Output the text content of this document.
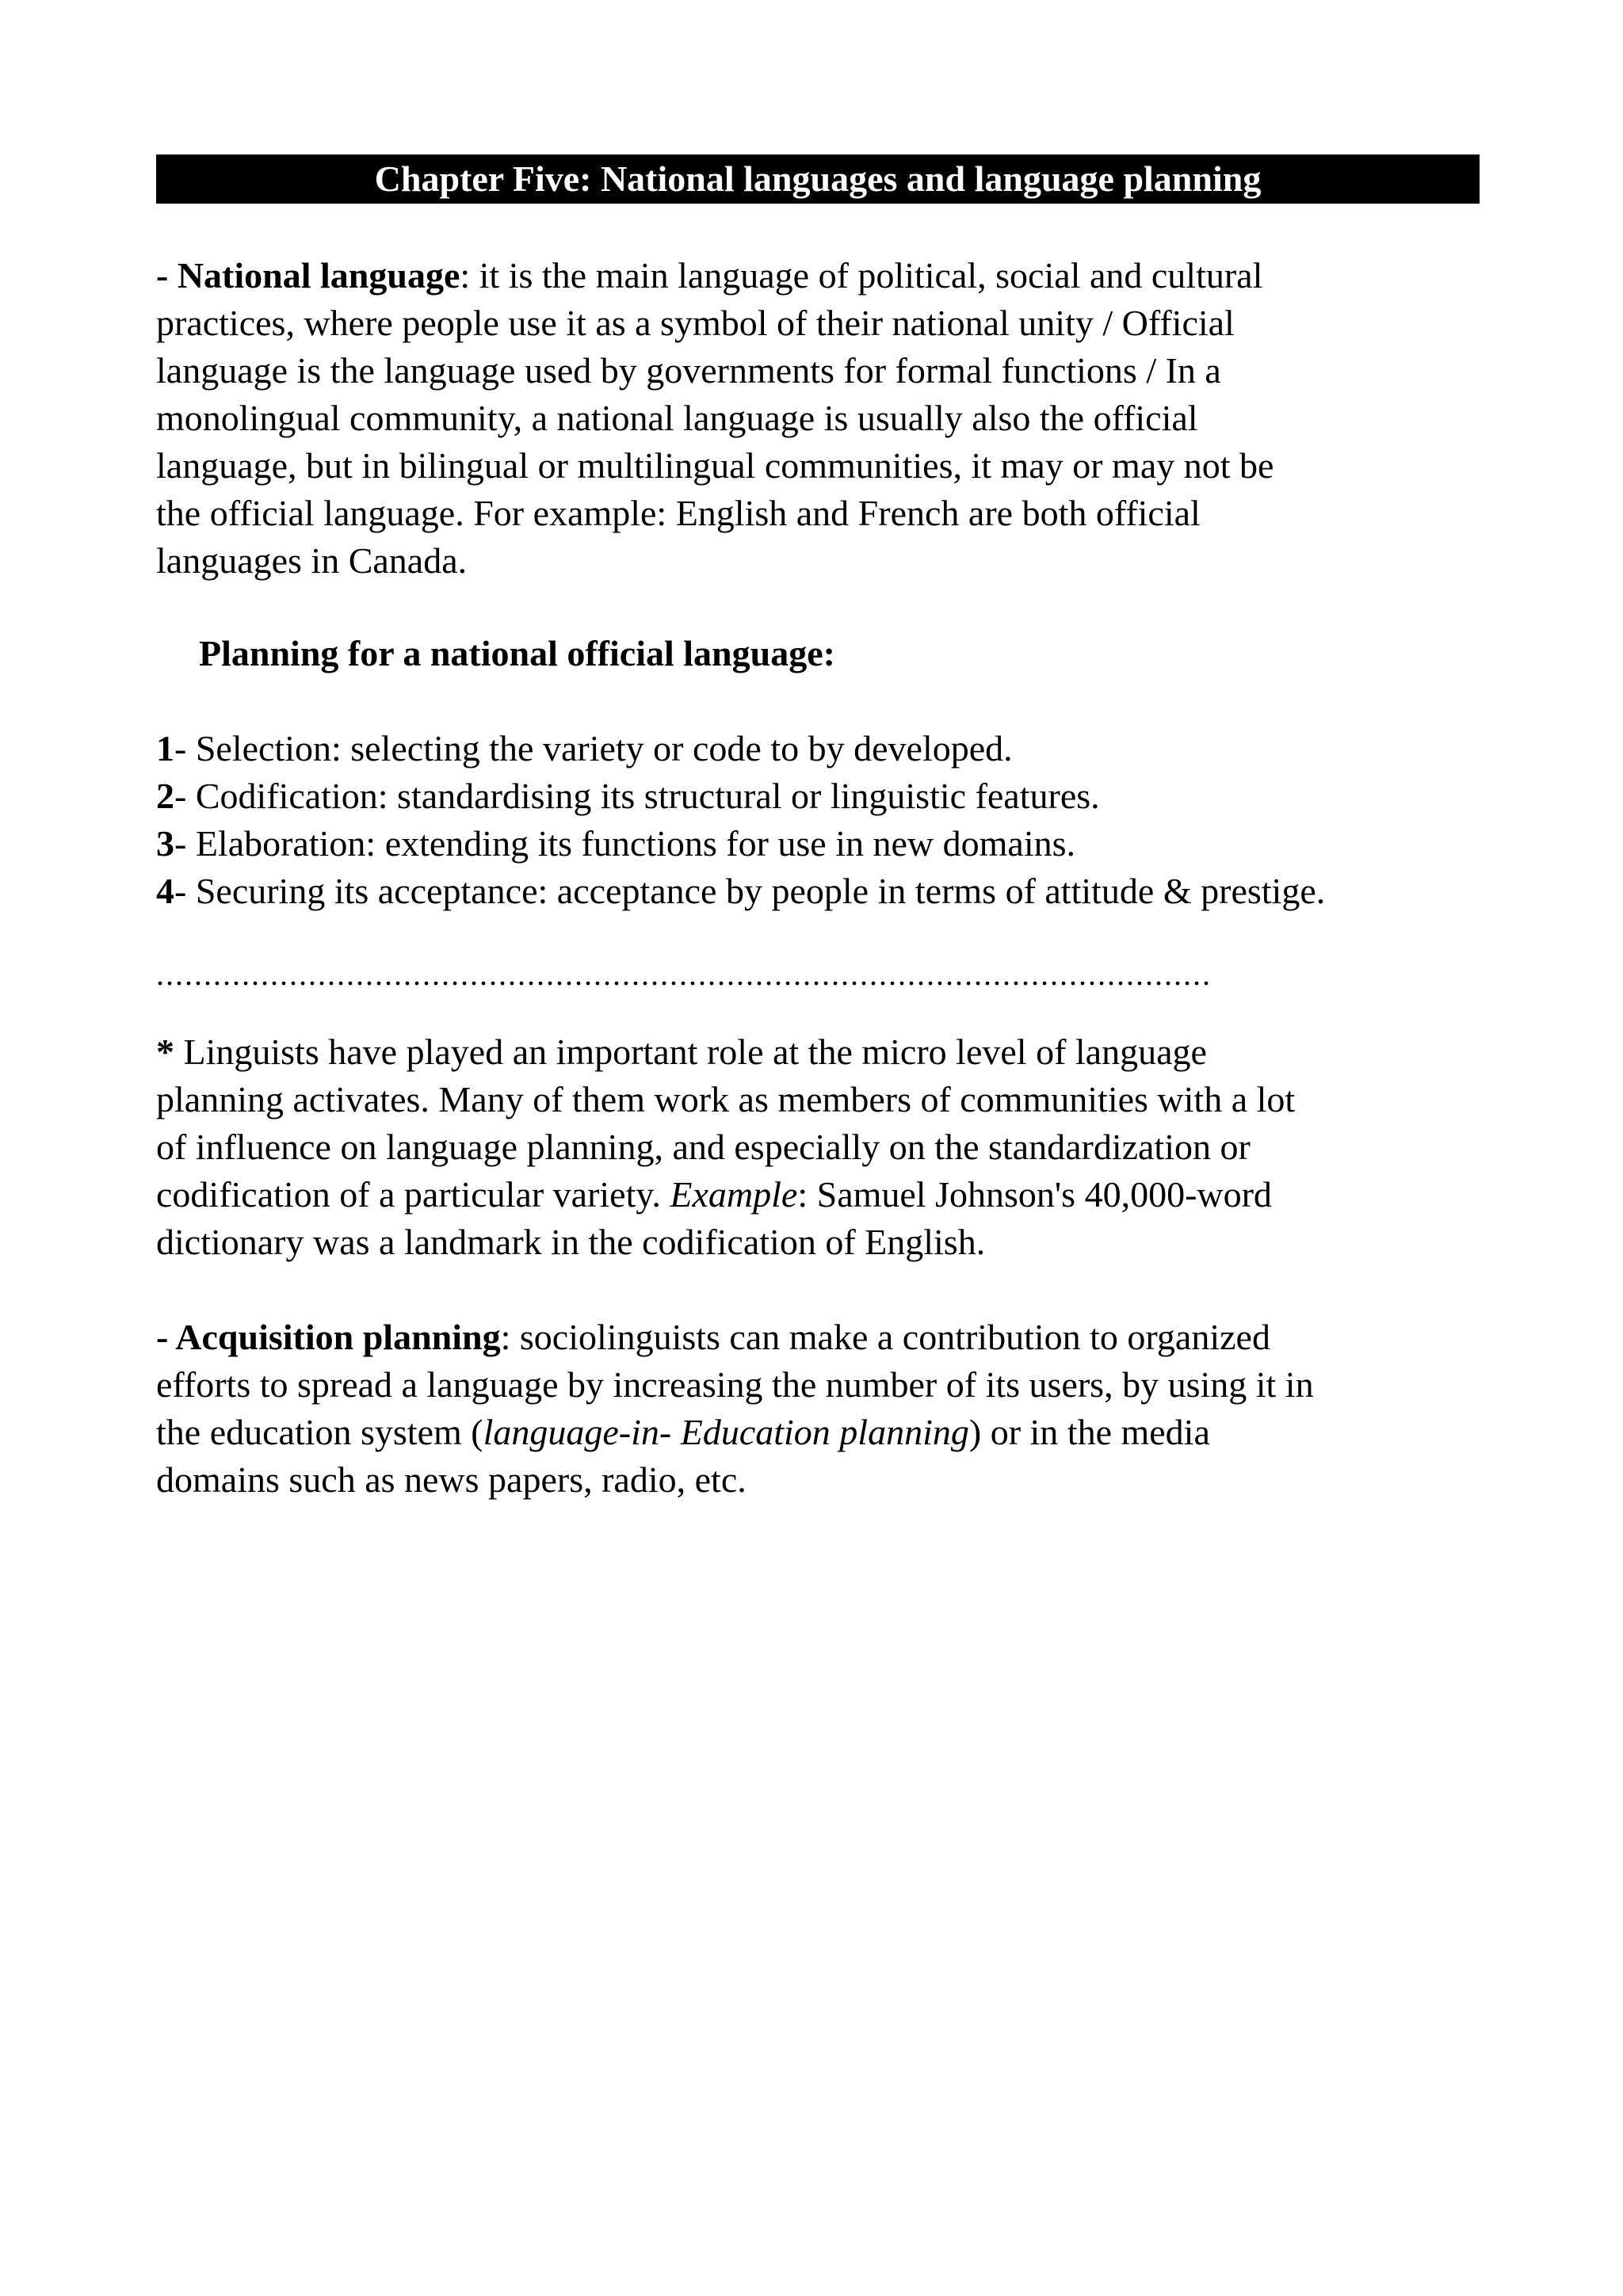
Chapter Five: National languages and language planning
- National language: it is the main language of political, social and cultural
practices, where people use it as a symbol of their national unity / Official
language is the language used by governments for formal functions / In a
monolingual community, a national language is usually also the official
language, but in bilingual or multilingual communities, it may or may not be
the official language. For example: English and French are both official
languages in Canada.
Planning for a national official language:
1- Selection: selecting the variety or code to by developed.
2- Codification: standardising its structural or linguistic features.
3- Elaboration: extending its functions for use in new domains.
4- Securing its acceptance: acceptance by people in terms of attitude & prestige.
...............................................................................................................
* Linguists have played an important role at the micro level of language
planning activates. Many of them work as members of communities with a lot
of influence on language planning, and especially on the standardization or
codification of a particular variety. Example: Samuel Johnson's 40,000-word
dictionary was a landmark in the codification of English.
- Acquisition planning: sociolinguists can make a contribution to organized
efforts to spread a language by increasing the number of its users, by using it in
the education system (language-in- Education planning) or in the media
domains such as news papers, radio, etc.
